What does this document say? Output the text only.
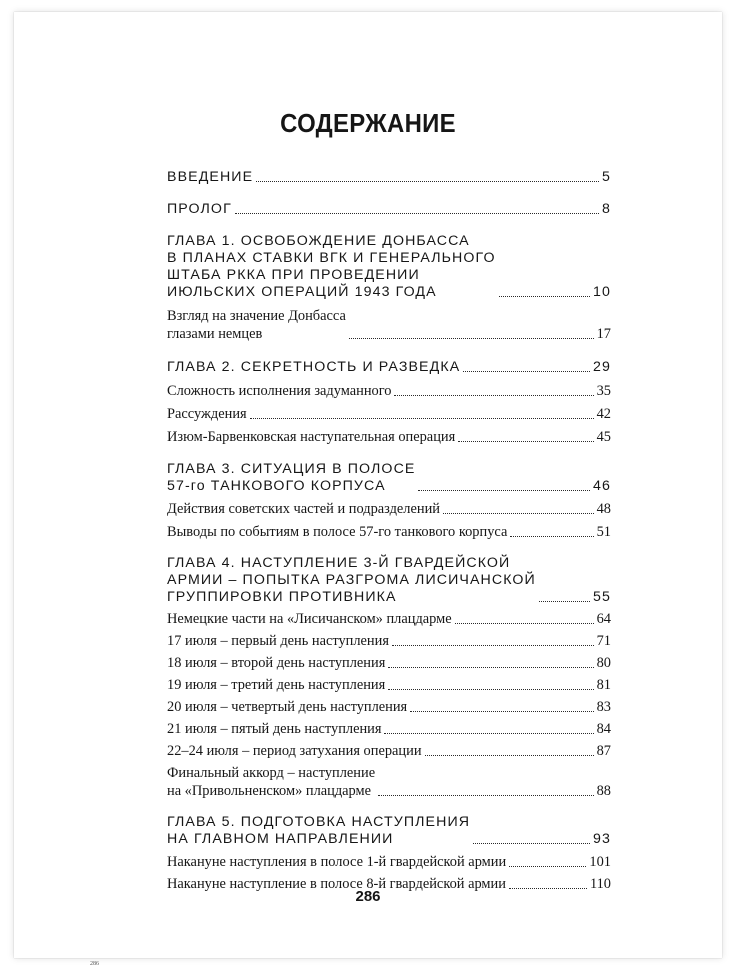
СОДЕРЖАНИЕ
ВВЕДЕНИЕ	5
ПРОЛОГ	8
ГЛАВА 1. ОСВОБОЖДЕНИЕ ДОНБАССА
В ПЛАНАХ СТАВКИ ВГК И ГЕНЕРАЛЬНОГО
ШТАБА РККА ПРИ ПРОВЕДЕНИИ
ИЮЛЬСКИХ ОПЕРАЦИЙ 1943 ГОДА	10
Взгляд на значение Донбасса
глазами немцев	17
ГЛАВА 2. СЕКРЕТНОСТЬ И РАЗВЕДКА	29
Сложность исполнения задуманного	35
Рассуждения	42
Изюм-Барвенковская наступательная операция	45
ГЛАВА 3. СИТУАЦИЯ В ПОЛОСЕ
57-го ТАНКОВОГО КОРПУСА	46
Действия советских частей и подразделений	48
Выводы по событиям в полосе 57-го танкового корпуса	51
ГЛАВА 4. НАСТУПЛЕНИЕ 3-Й ГВАРДЕЙСКОЙ
АРМИИ – ПОПЫТКА РАЗГРОМА ЛИСИЧАНСКОЙ
ГРУППИРОВКИ ПРОТИВНИКА	55
Немецкие части на «Лисичанском» плацдарме	64
17 июля – первый день наступления	71
18 июля – второй день наступления	80
19 июля – третий день наступления	81
20 июля – четвертый день наступления	83
21 июля – пятый день наступления	84
22–24 июля – период затухания операции	87
Финальный аккорд – наступление
на «Привольненском» плацдарме	88
ГЛАВА 5. ПОДГОТОВКА НАСТУПЛЕНИЯ
НА ГЛАВНОМ НАПРАВЛЕНИИ	93
Накануне наступления в полосе 1-й гвардейской армии	101
Накануне наступление в полосе 8-й гвардейской армии	110
286
286
